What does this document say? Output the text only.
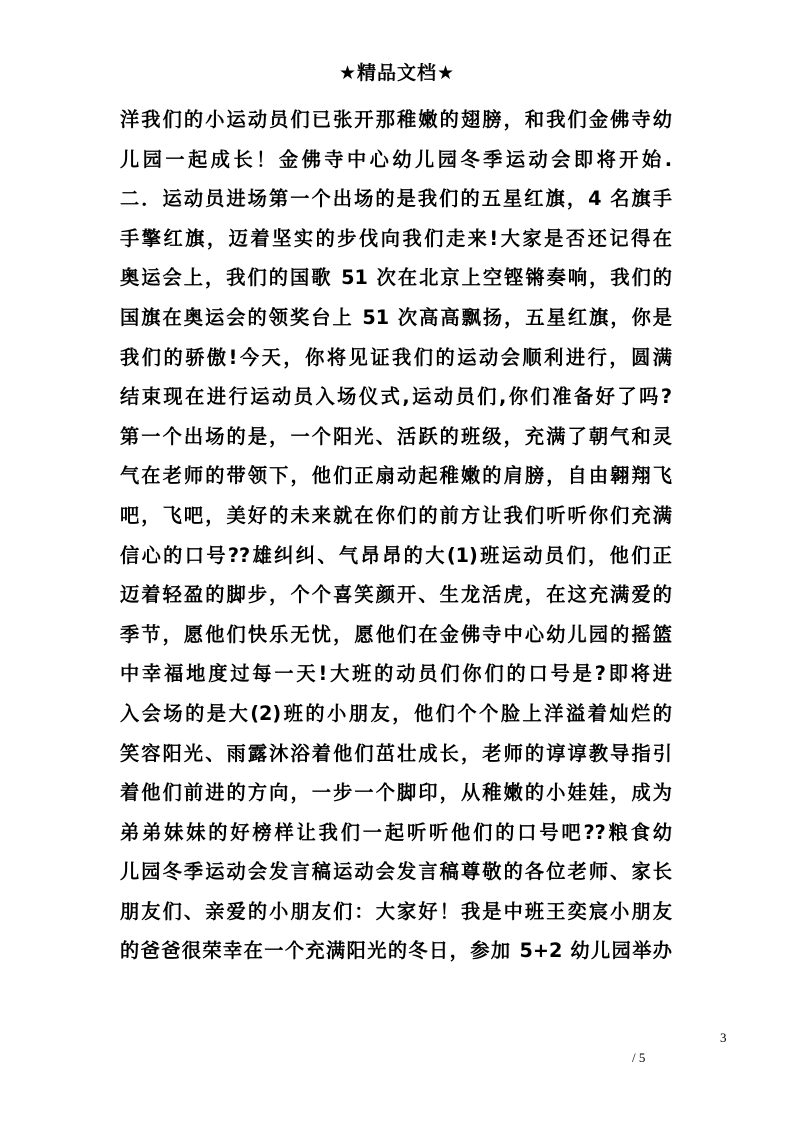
★精品文档★
洋我们的小运动员们已张开那稚嫩的翅膀，和我们金佛寺幼
儿园一起成长！金佛寺中心幼儿园冬季运动会即将开始.
二．运动员进场第一个出场的是我们的五星红旗，4 名旗手
手擎红旗，迈着坚实的步伐向我们走来!大家是否还记得在
奥运会上，我们的国歌 51 次在北京上空铿锵奏响，我们的
国旗在奥运会的领奖台上 51 次高高飘扬，五星红旗，你是
我们的骄傲!今天，你将见证我们的运动会顺利进行，圆满
结束现在进行运动员入场仪式,运动员们,你们准备好了吗?
第一个出场的是，一个阳光、活跃的班级，充满了朝气和灵
气在老师的带领下，他们正扇动起稚嫩的肩膀，自由翱翔飞
吧，飞吧，美好的未来就在你们的前方让我们听听你们充满
信心的口号??雄纠纠、气昂昂的大(1)班运动员们，他们正
迈着轻盈的脚步，个个喜笑颜开、生龙活虎，在这充满爱的
季节，愿他们快乐无忧，愿他们在金佛寺中心幼儿园的摇篮
中幸福地度过每一天!大班的动员们你们的口号是?即将进
入会场的是大(2)班的小朋友，他们个个脸上洋溢着灿烂的
笑容阳光、雨露沐浴着他们茁壮成长，老师的谆谆教导指引
着他们前进的方向，一步一个脚印，从稚嫩的小娃娃，成为
弟弟妹妹的好榜样让我们一起听听他们的口号吧??粮食幼
儿园冬季运动会发言稿运动会发言稿尊敬的各位老师、家长
朋友们、亲爱的小朋友们：大家好！我是中班王奕宸小朋友
的爸爸很荣幸在一个充满阳光的冬日，参加 5+2 幼儿园举办
3
/ 5
